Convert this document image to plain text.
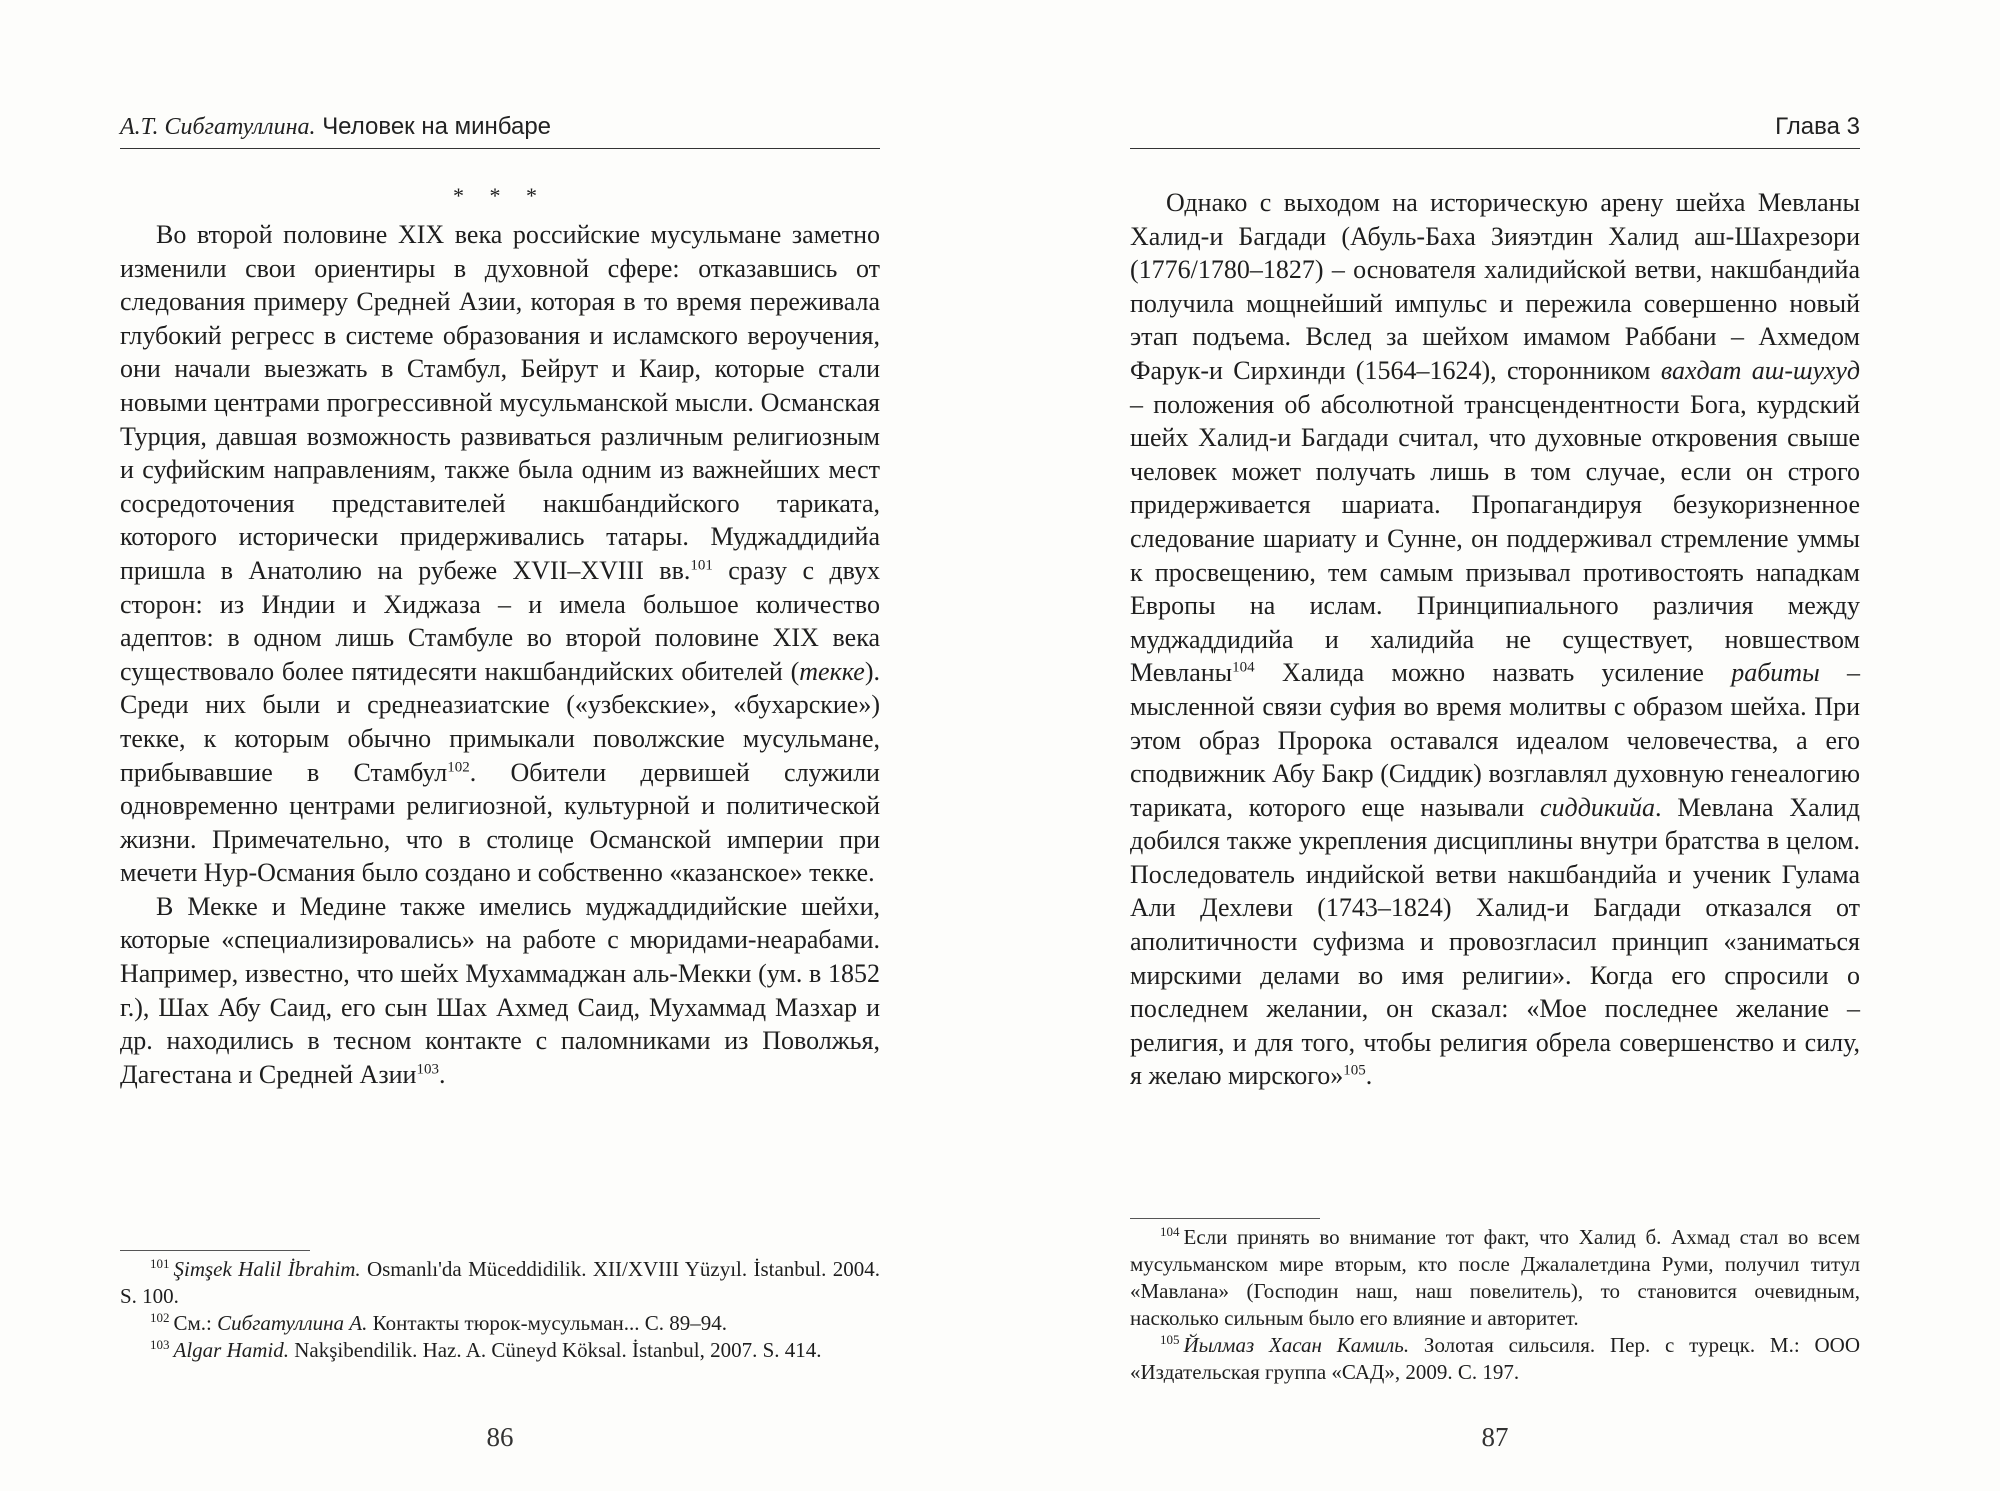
А.Т. Сибгатуллина. Человек на минбаре
* * *

Во второй половине XIX века российские мусульмане заметно изменили свои ориентиры в духовной сфере: отказавшись от следования примеру Средней Азии, которая в то время переживала глубокий регресс в системе образования и исламского вероучения, они начали выезжать в Стамбул, Бейрут и Каир, которые стали новыми центрами прогрессивной мусульманской мысли. Османская Турция, давшая возможность развиваться различным религиозным и суфийским направлениям, также была одним из важнейших мест сосредоточения представителей накшбандийского тариката, которого исторически придерживались татары. Муджаддидийа пришла в Анатолию на рубеже XVII–XVIII вв.$^{101}$ сразу с двух сторон: из Индии и Хиджаза – и имела большое количество адептов: в одном лишь Стамбуле во второй половине XIX века существовало более пятидесяти накшбандийских обителей (текке). Среди них были и среднеазиатские («узбекские», «бухарские») текке, к которым обычно примыкали поволжские мусульмане, прибывавшие в Стамбул$^{102}$. Обители дервишей служили одновременно центрами религиозной, культурной и политической жизни. Примечательно, что в столице Османской империи при мечети Нур-Османия было создано и собственно «казанское» текке.

В Мекке и Медине также имелись муджаддидийские шейхи, которые «специализировались» на работе с мюридами-неарабами. Например, известно, что шейх Мухаммаджан аль-Мекки (ум. в 1852 г.), Шах Абу Саид, его сын Шах Ахмед Саид, Мухаммад Мазхар и др. находились в тесном контакте с паломниками из Поволжья, Дагестана и Средней Азии$^{103}$.

$^{101}$ Şimşek Halil İbrahim. Osmanlı'da Müceddidilik. XII/XVIII Yüzyıl. İstanbul. 2004. S. 100.

$^{102}$ См.: Сибгатуллина А. Контакты тюрок-мусульман... С. 89–94.

$^{103}$ Algar Hamid. Nakşibendilik. Haz. A. Cüneyd Köksal. İstanbul, 2007. S. 414.

86
Глава 3

Однако с выходом на историческую арену шейха Мевланы Халид-и Багдади (Абуль-Баха Зияэтдин Халид аш-Шахрезори (1776/1780–1827) – основателя халидийской ветви, накшбандийа получила мощнейший импульс и пережила совершенно новый этап подъема. Вслед за шейхом имамом Раббани – Ахмедом Фарук-и Сирхинди (1564–1624), сторонником вахдат аш-шухуд – положения об абсолютной трансцендентности Бога, курдский шейх Халид-и Багдади считал, что духовные откровения свыше человек может получать лишь в том случае, если он строго придерживается шариата. Пропагандируя безукоризненное следование шариату и Сунне, он поддерживал стремление уммы к просвещению, тем самым призывал противостоять нападкам Европы на ислам. Принципиального различия между муджаддидийа и халидийа не существует, новшеством Мевланы$^{104}$ Халида можно назвать усиление рабиты – мысленной связи суфия во время молитвы с образом шейха. При этом образ Пророка оставался идеалом человечества, а его сподвижник Абу Бакр (Сиддик) возглавлял духовную генеалогию тариката, которого еще называли сиддикийа. Мевлана Халид добился также укрепления дисциплины внутри братства в целом. Последователь индийской ветви накшбандийа и ученик Гулама Али Дехлеви (1743–1824) Халид-и Багдади отказался от аполитичности суфизма и провозгласил принцип «заниматься мирскими делами во имя религии». Когда его спросили о последнем желании, он сказал: «Мое последнее желание – религия, и для того, чтобы религия обрела совершенство и силу, я желаю мирского»$^{105}$.

$^{104}$ Если принять во внимание тот факт, что Халид б. Ахмад стал во всем мусульманском мире вторым, кто после Джалалетдина Руми, получил титул «Мавлана» (Господин наш, наш повелитель), то становится очевидным, насколько сильным было его влияние и авторитет.

$^{105}$ Йылмаз Хасан Камиль. Золотая сильсиля. Пер. с турецк. М.: ООО «Издательская группа «САД», 2009. С. 197.

87
